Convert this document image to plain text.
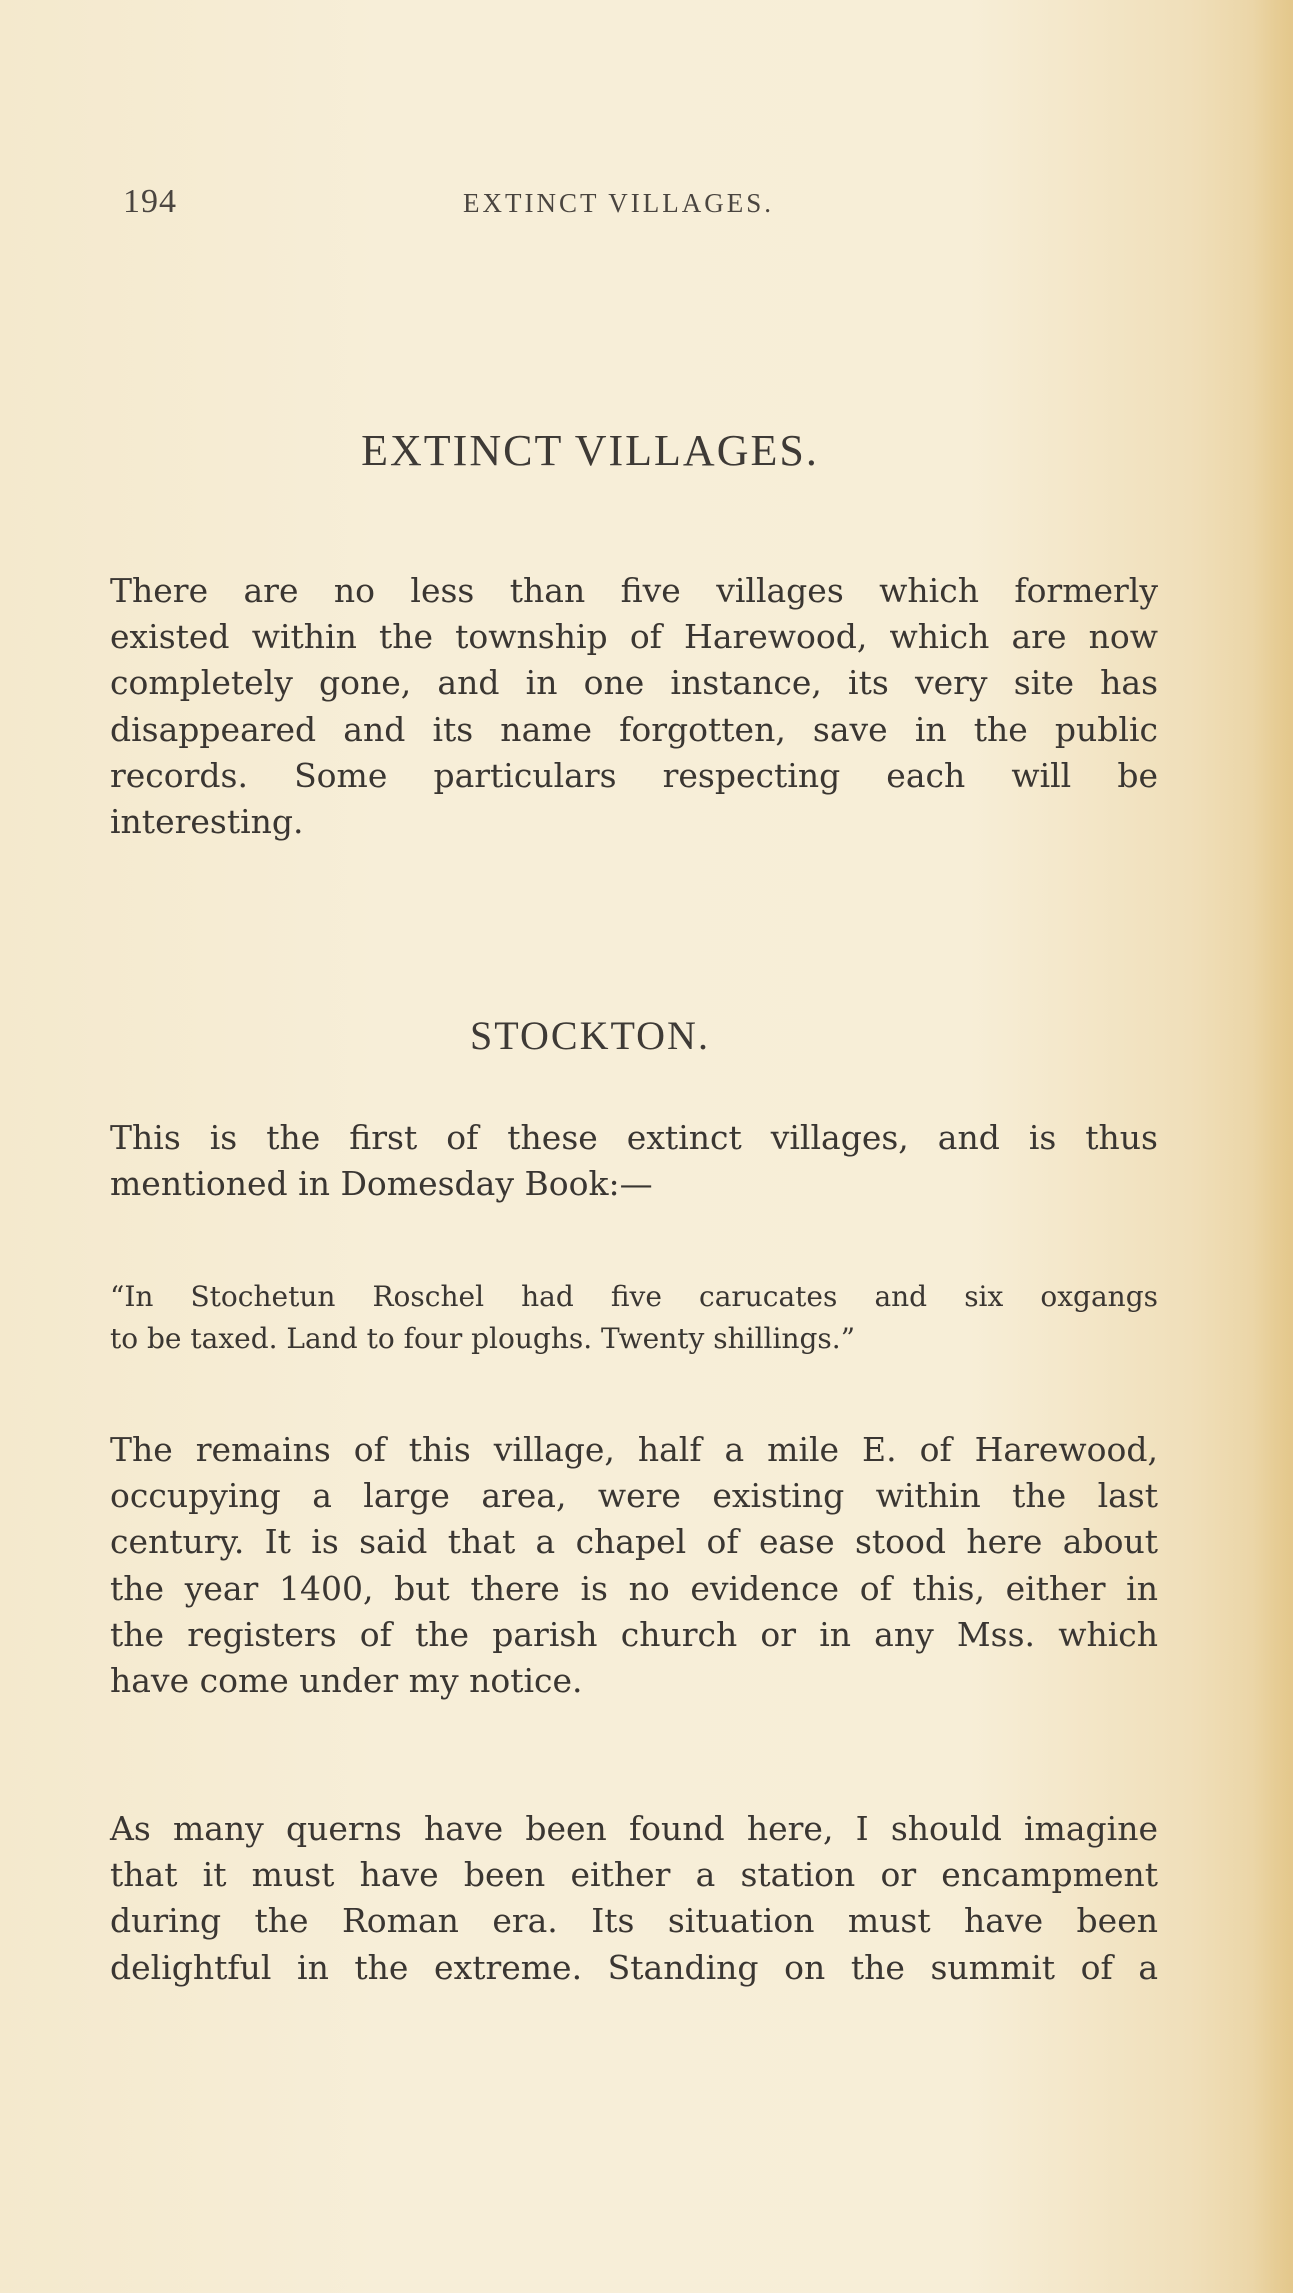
194	EXTINCT VILLAGES.
EXTINCT VILLAGES.

There are no less than five villages which formerly
existed within the township of Harewood, which are now
completely gone, and in one instance, its very site has
disappeared and its name forgotten, save in the public
records. Some particulars respecting each will be
interesting.

STOCKTON.

This is the first of these extinct villages, and is thus
mentioned in Domesday Book:—

“In Stochetun Roschel had five carucates and six oxgangs
to be taxed. Land to four ploughs. Twenty shillings.”

The remains of this village, half a mile E. of Harewood,
occupying a large area, were existing within the last
century. It is said that a chapel of ease stood here about
the year 1400, but there is no evidence of this, either in
the registers of the parish church or in any Mss. which
have come under my notice.

As many querns have been found here, I should imagine
that it must have been either a station or encampment
during the Roman era. Its situation must have been
delightful in the extreme. Standing on the summit of a
